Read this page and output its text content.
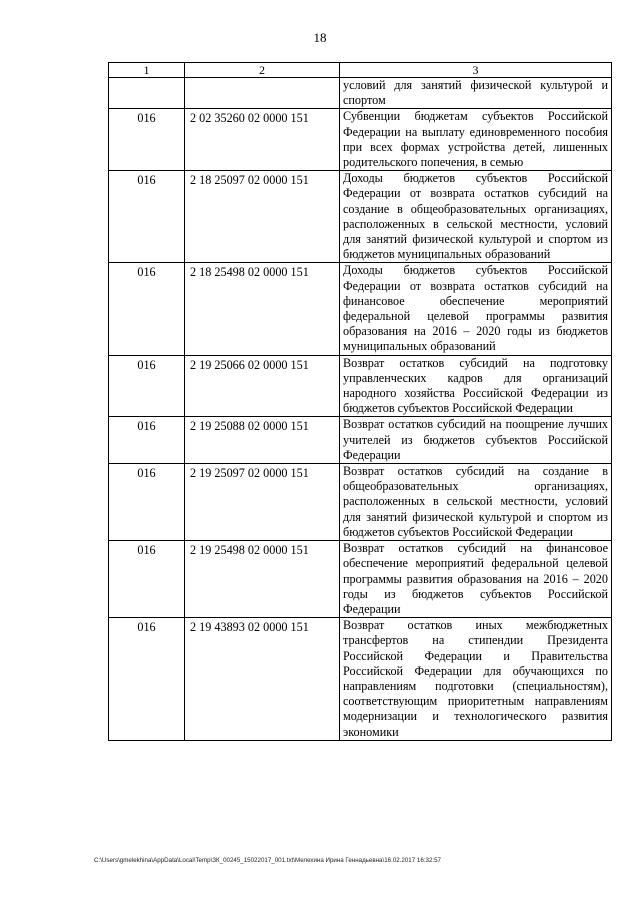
18
1	2	3
		условий для занятий физической культурой и спортом
016	2 02 35260 02 0000 151	Субвенции бюджетам субъектов Российской Федерации на выплату единовременного пособия при всех формах устройства детей, лишенных родительского попечения, в семью
016	2 18 25097 02 0000 151	Доходы бюджетов субъектов Российской Федерации от возврата остатков субсидий на создание в общеобразовательных организациях, расположенных в сельской местности, условий для занятий физической культурой и спортом из бюджетов муниципальных образований
016	2 18 25498 02 0000 151	Доходы бюджетов субъектов Российской Федерации от возврата остатков субсидий на финансовое обеспечение мероприятий федеральной целевой программы развития образования на 2016 – 2020 годы из бюджетов муниципальных образований
016	2 19 25066 02 0000 151	Возврат остатков субсидий на подготовку управленческих кадров для организаций народного хозяйства Российской Федерации из бюджетов субъектов Российской Федерации
016	2 19 25088 02 0000 151	Возврат остатков субсидий на поощрение лучших учителей из бюджетов субъектов Российской Федерации
016	2 19 25097 02 0000 151	Возврат остатков субсидий на создание в общеобразовательных организациях, расположенных в сельской местности, условий для занятий физической культурой и спортом из бюджетов субъектов Российской Федерации
016	2 19 25498 02 0000 151	Возврат остатков субсидий на финансовое обеспечение мероприятий федеральной целевой программы развития образования на 2016 – 2020 годы из бюджетов субъектов Российской Федерации
016	2 19 43893 02 0000 151	Возврат остатков иных межбюджетных трансфертов на стипендии Президента Российской Федерации и Правительства Российской Федерации для обучающихся по направлениям подготовки (специальностям), соответствующим приоритетным направлениям модернизации и технологического развития экономики
C:\Users\gmelekhina\AppData\Local\Temp\ЗК_00245_15022017_001.txt\Мелехина Ирина Геннадьевна\16.02.2017 16:32:57
